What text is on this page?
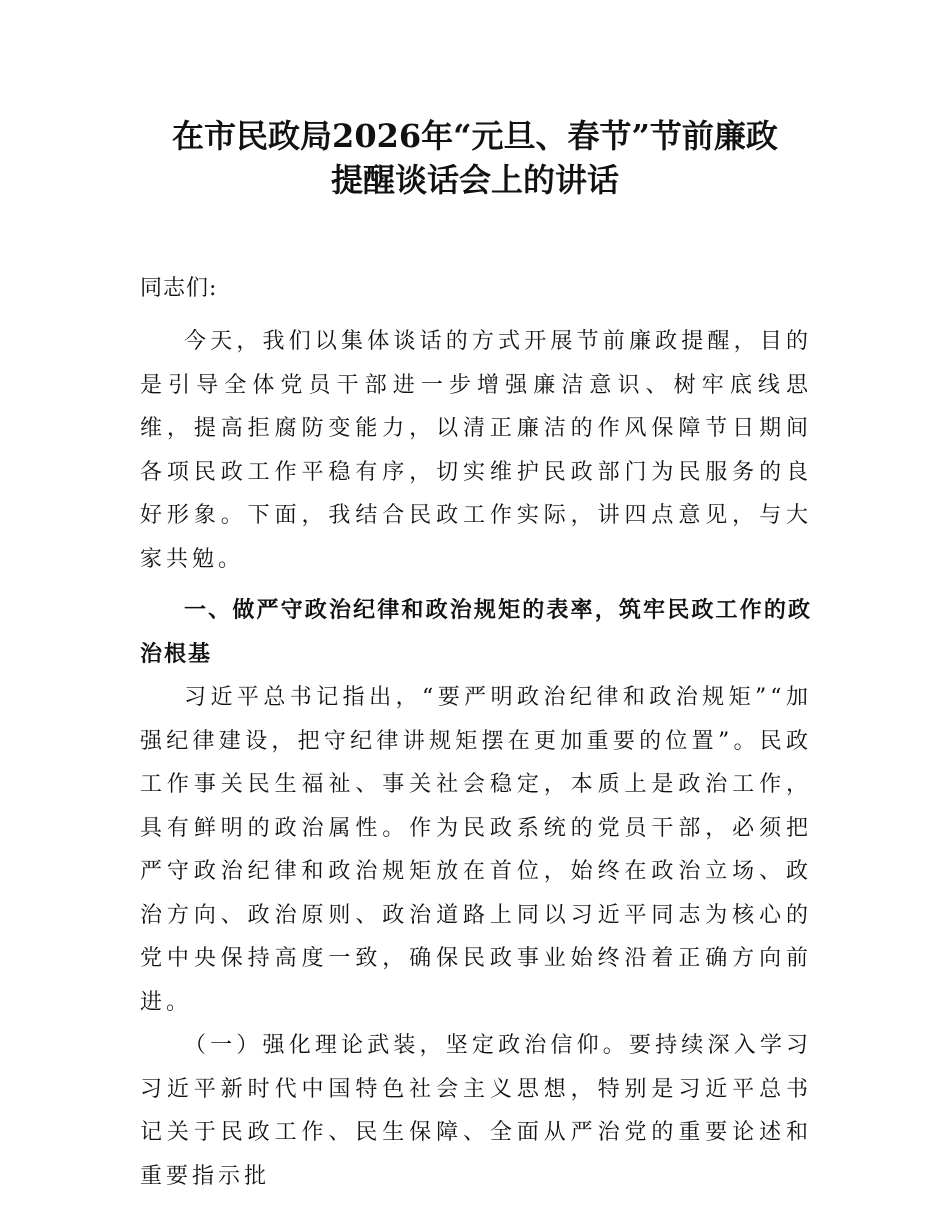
在市民政局2026年“元旦、春节”节前廉政
提醒谈话会上的讲话
同志们:

今天，我们以集体谈话的方式开展节前廉政提醒，目的是引导全体党员干部进一步增强廉洁意识、树牢底线思维，提高拒腐防变能力，以清正廉洁的作风保障节日期间各项民政工作平稳有序，切实维护民政部门为民服务的良好形象。下面，我结合民政工作实际，讲四点意见，与大家共勉。

一、做严守政治纪律和政治规矩的表率，筑牢民政工作的政治根基

习近平总书记指出，“要严明政治纪律和政治规矩”“加强纪律建设，把守纪律讲规矩摆在更加重要的位置”。民政工作事关民生福祉、事关社会稳定，本质上是政治工作，具有鲜明的政治属性。作为民政系统的党员干部，必须把严守政治纪律和政治规矩放在首位，始终在政治立场、政治方向、政治原则、政治道路上同以习近平同志为核心的党中央保持高度一致，确保民政事业始终沿着正确方向前进。

（一）强化理论武装，坚定政治信仰。要持续深入学习习近平新时代中国特色社会主义思想，特别是习近平总书记关于民政工作、民生保障、全面从严治党的重要论述和重要指示批
